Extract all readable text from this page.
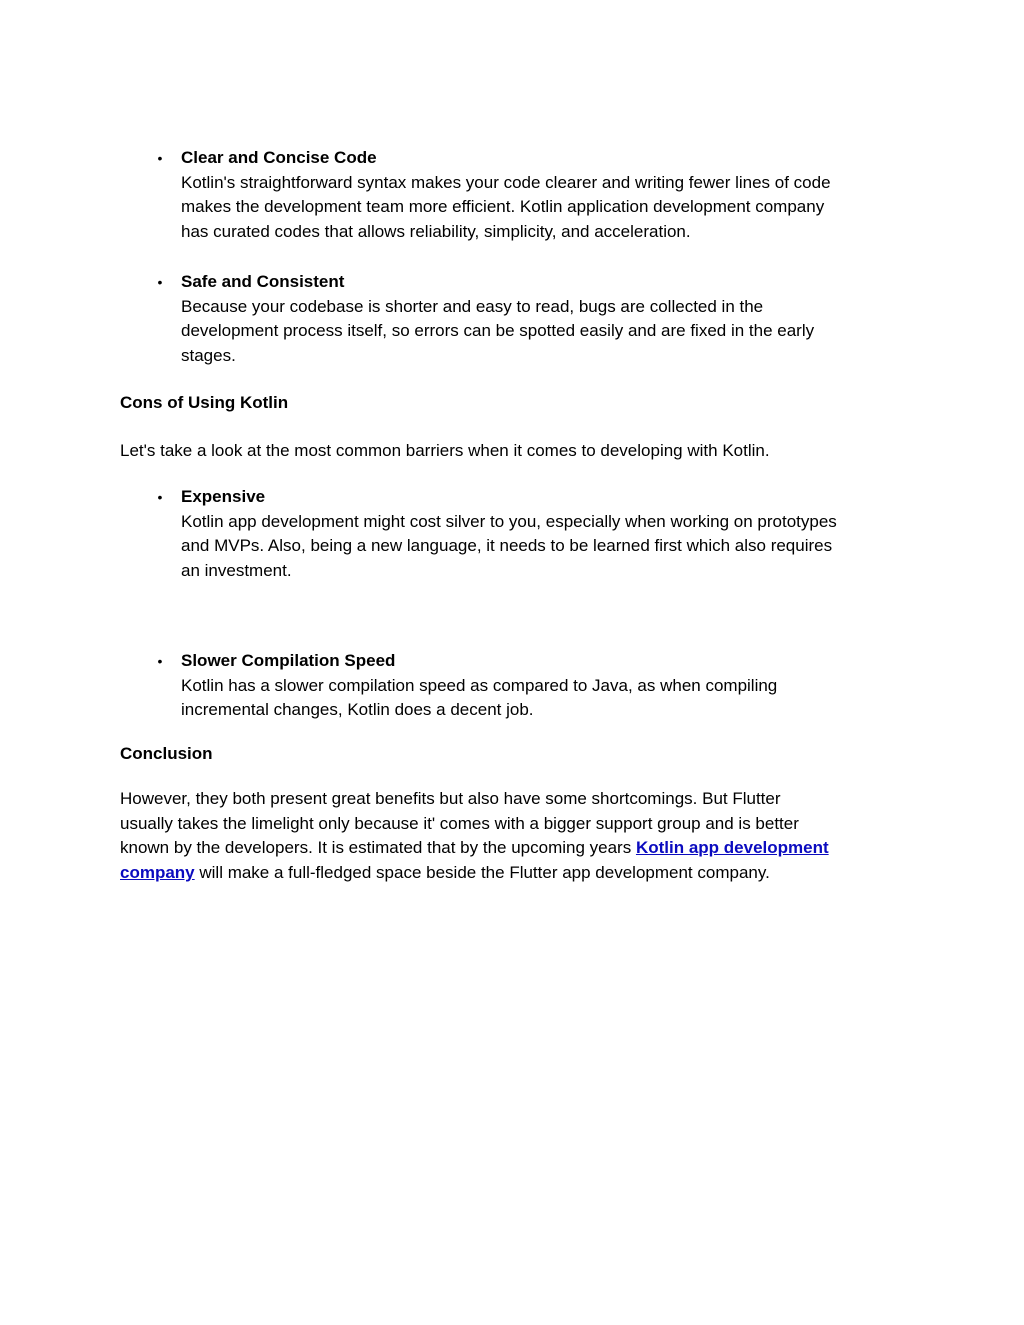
•	Clear and Concise Code
Kotlin's straightforward syntax makes your code clearer and writing fewer lines of code
makes the development team more efficient. Kotlin application development company
has curated codes that allows reliability, simplicity, and acceleration.
•	Safe and Consistent
Because your codebase is shorter and easy to read, bugs are collected in the
development process itself, so errors can be spotted easily and are fixed in the early
stages.
Cons of Using Kotlin
Let's take a look at the most common barriers when it comes to developing with Kotlin.
•	Expensive
Kotlin app development might cost silver to you, especially when working on prototypes
and MVPs. Also, being a new language, it needs to be learned first which also requires
an investment.
•	Slower Compilation Speed
Kotlin has a slower compilation speed as compared to Java, as when compiling
incremental changes, Kotlin does a decent job.
Conclusion
However, they both present great benefits but also have some shortcomings. But Flutter
usually takes the limelight only because it' comes with a bigger support group and is better
known by the developers. It is estimated that by the upcoming years Kotlin app development
company will make a full-fledged space beside the Flutter app development company.
